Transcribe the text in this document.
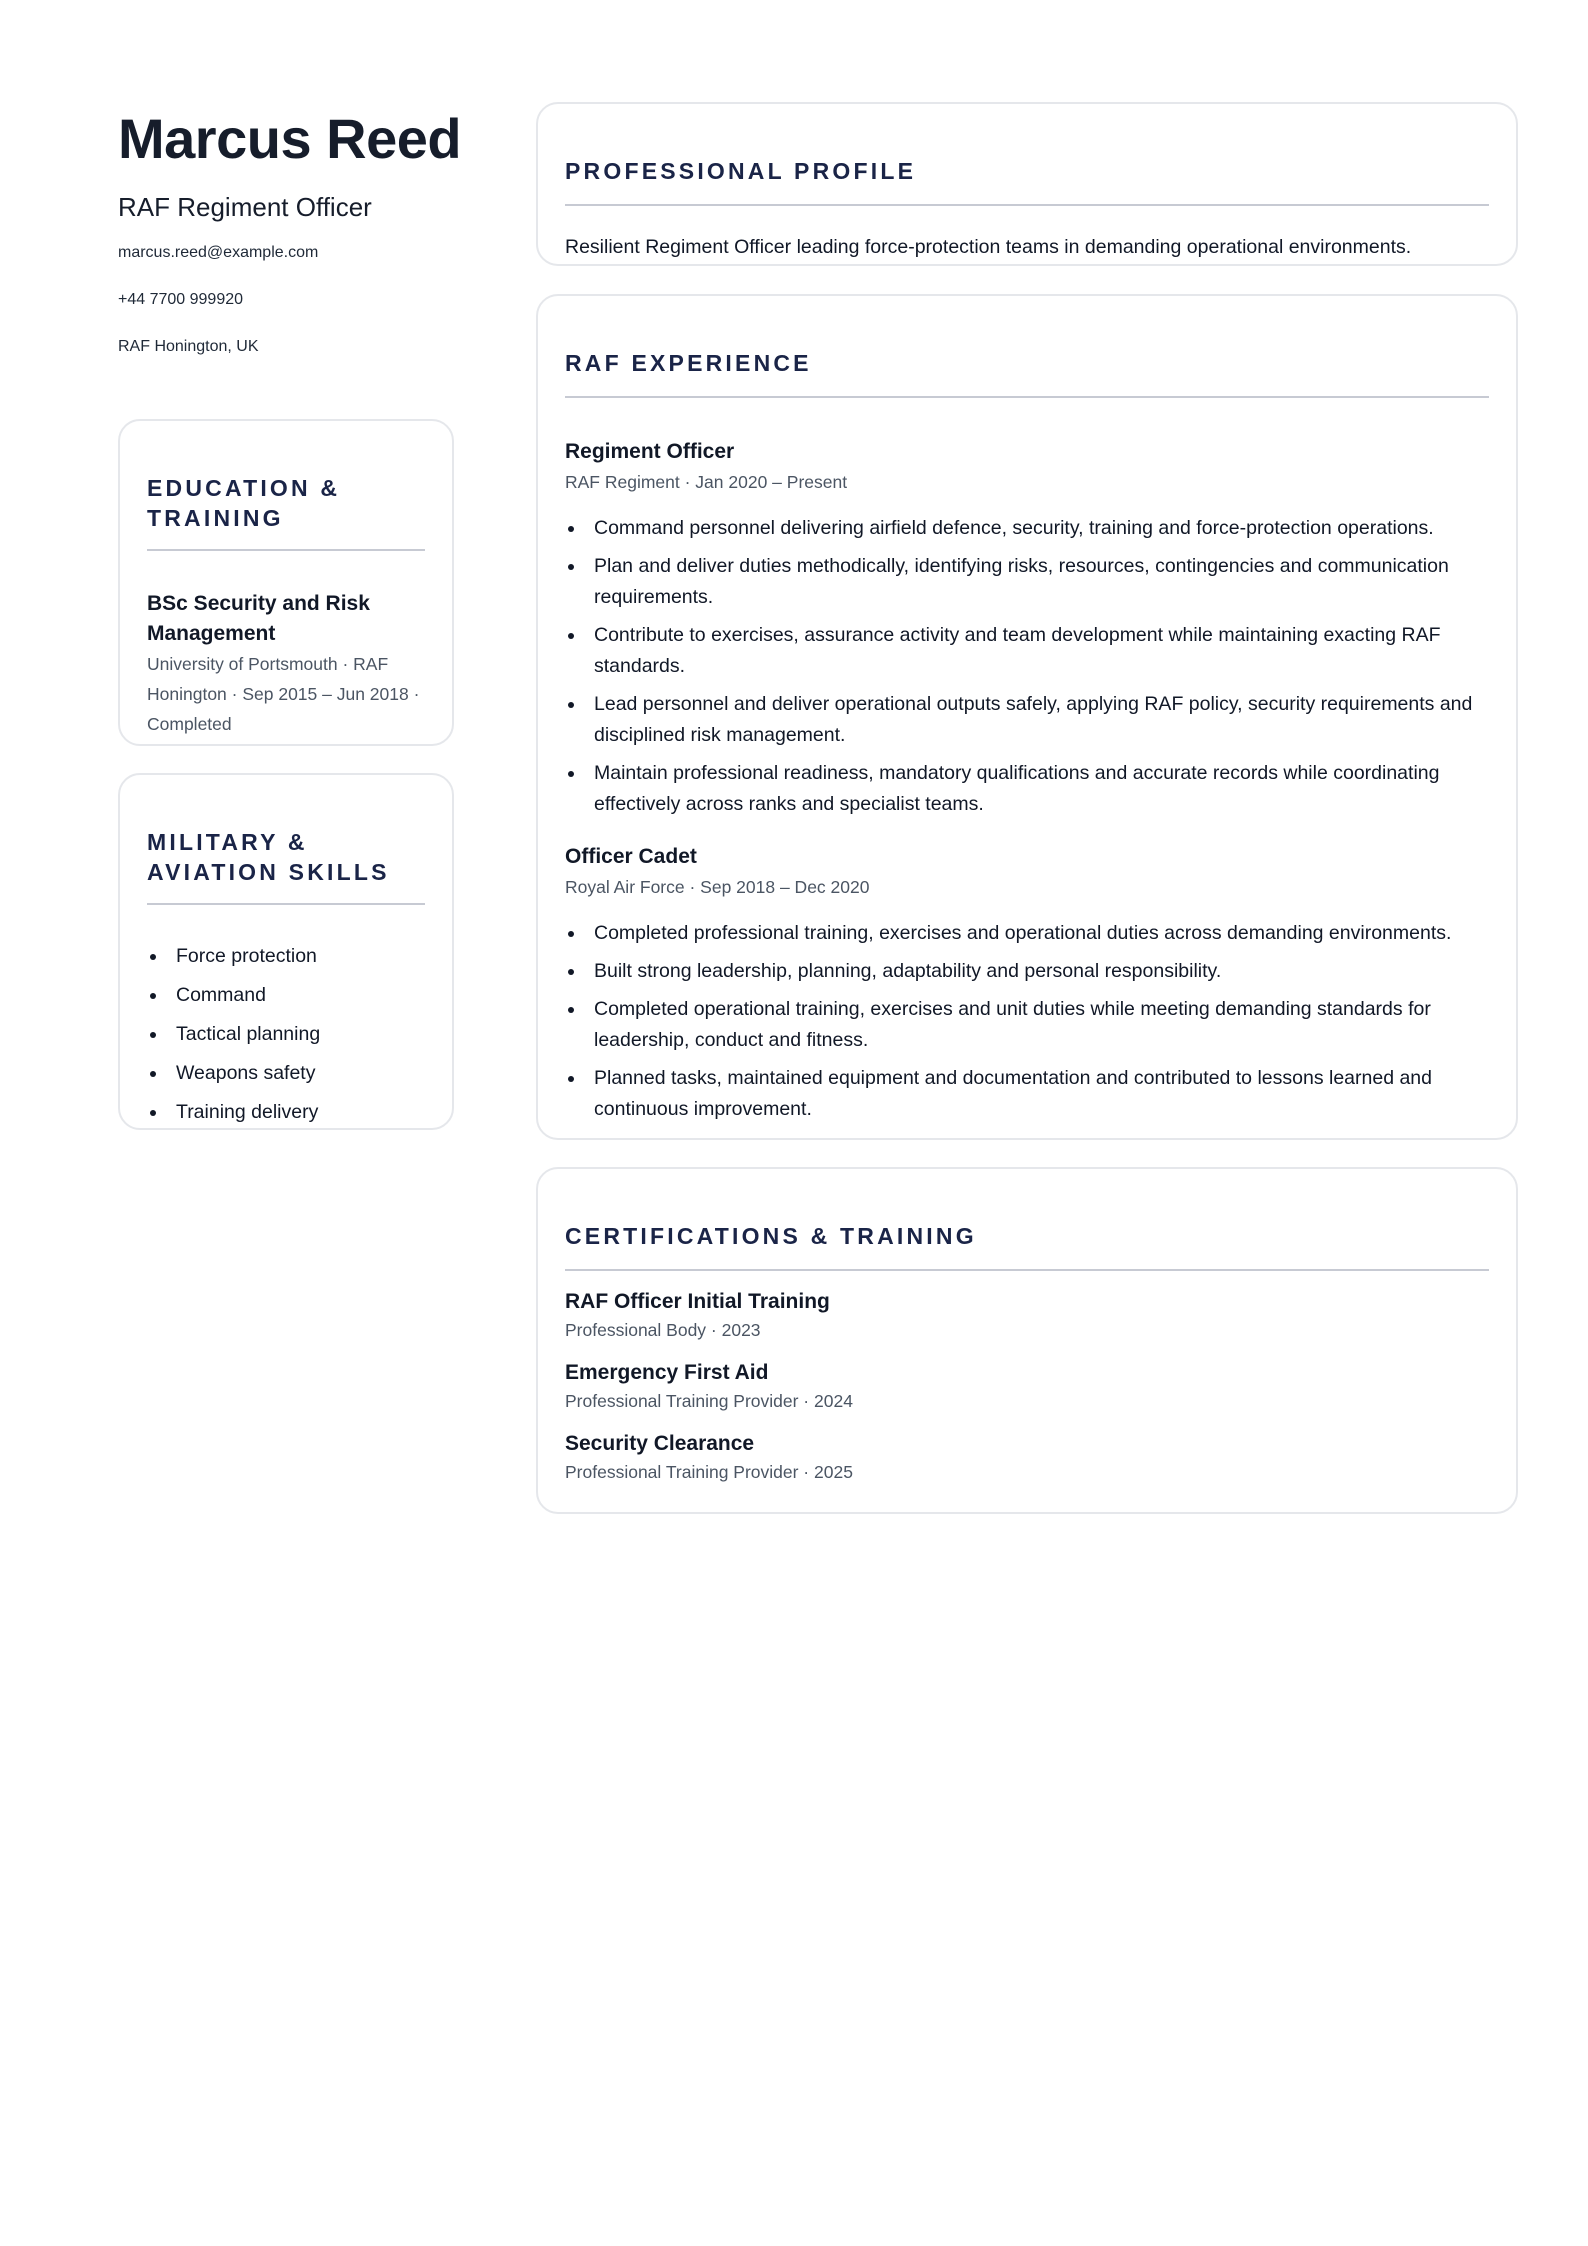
Marcus Reed
RAF Regiment Officer
marcus.reed@example.com
+44 7700 999920
RAF Honington, UK
EDUCATION & TRAINING
BSc Security and Risk Management
University of Portsmouth · RAF Honington · Sep 2015 – Jun 2018 · Completed
MILITARY & AVIATION SKILLS
Force protection
Command
Tactical planning
Weapons safety
Training delivery
PROFESSIONAL PROFILE

Resilient Regiment Officer leading force-protection teams in demanding operational environments.

RAF EXPERIENCE
Regiment Officer
RAF Regiment · Jan 2020 – Present
Command personnel delivering airfield defence, security, training and force-protection operations.
Plan and deliver duties methodically, identifying risks, resources, contingencies and communication requirements.
Contribute to exercises, assurance activity and team development while maintaining exacting RAF standards.
Lead personnel and deliver operational outputs safely, applying RAF policy, security requirements and disciplined risk management.
Maintain professional readiness, mandatory qualifications and accurate records while coordinating effectively across ranks and specialist teams.
Officer Cadet
Royal Air Force · Sep 2018 – Dec 2020
Completed professional training, exercises and operational duties across demanding environments.
Built strong leadership, planning, adaptability and personal responsibility.
Completed operational training, exercises and unit duties while meeting demanding standards for leadership, conduct and fitness.
Planned tasks, maintained equipment and documentation and contributed to lessons learned and continuous improvement.
CERTIFICATIONS & TRAINING
RAF Officer Initial Training
Professional Body · 2023
Emergency First Aid
Professional Training Provider · 2024
Security Clearance
Professional Training Provider · 2025
